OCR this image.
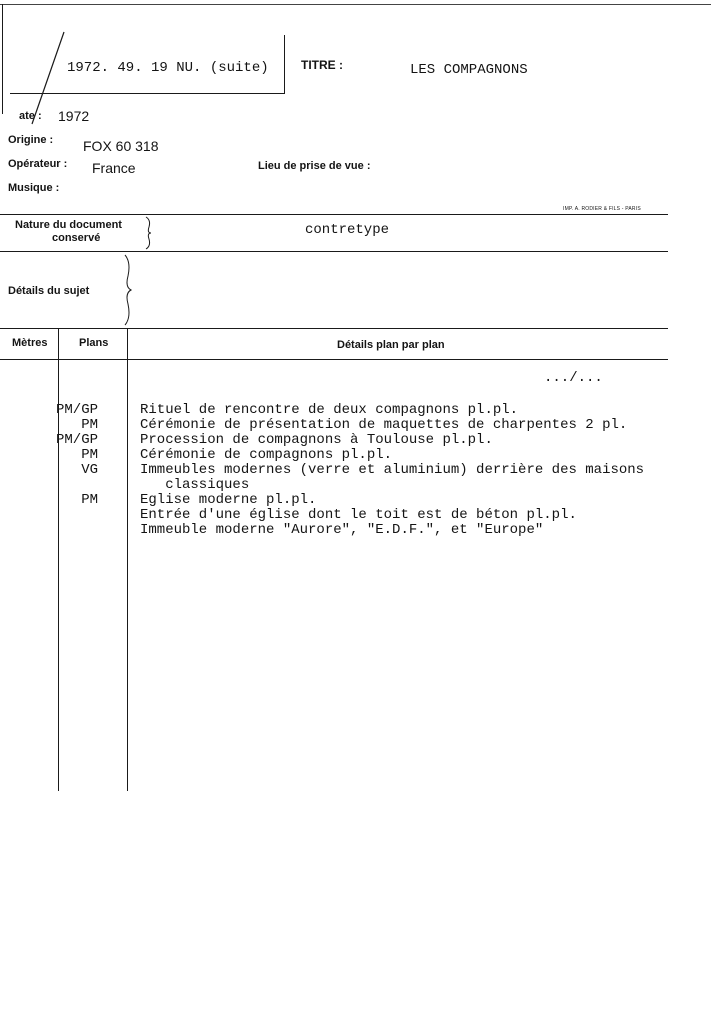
1972. 49. 19 NU. (suite)	TITRE :	LES COMPAGNONS
ate : 1972
Origine : FOX 60 318
Opérateur : France	Lieu de prise de vue :
Musique :
IMP. A. RODIER & FILS - PARIS
Nature du document
conservé	contretype
Détails du sujet
Mètres	Plans	Détails plan par plan
.../...
PM/GP	Rituel de rencontre de deux compagnons pl.pl.
PM	Cérémonie de présentation de maquettes de charpentes 2 pl.
PM/GP	Procession de compagnons à Toulouse pl.pl.
PM	Cérémonie de compagnons pl.pl.
VG	Immeubles modernes (verre et aluminium) derrière des maisons
classiques
PM	Eglise moderne pl.pl.
Entrée d'une église dont le toit est de béton pl.pl.
Immeuble moderne "Aurore", "E.D.F.", et "Europe"
